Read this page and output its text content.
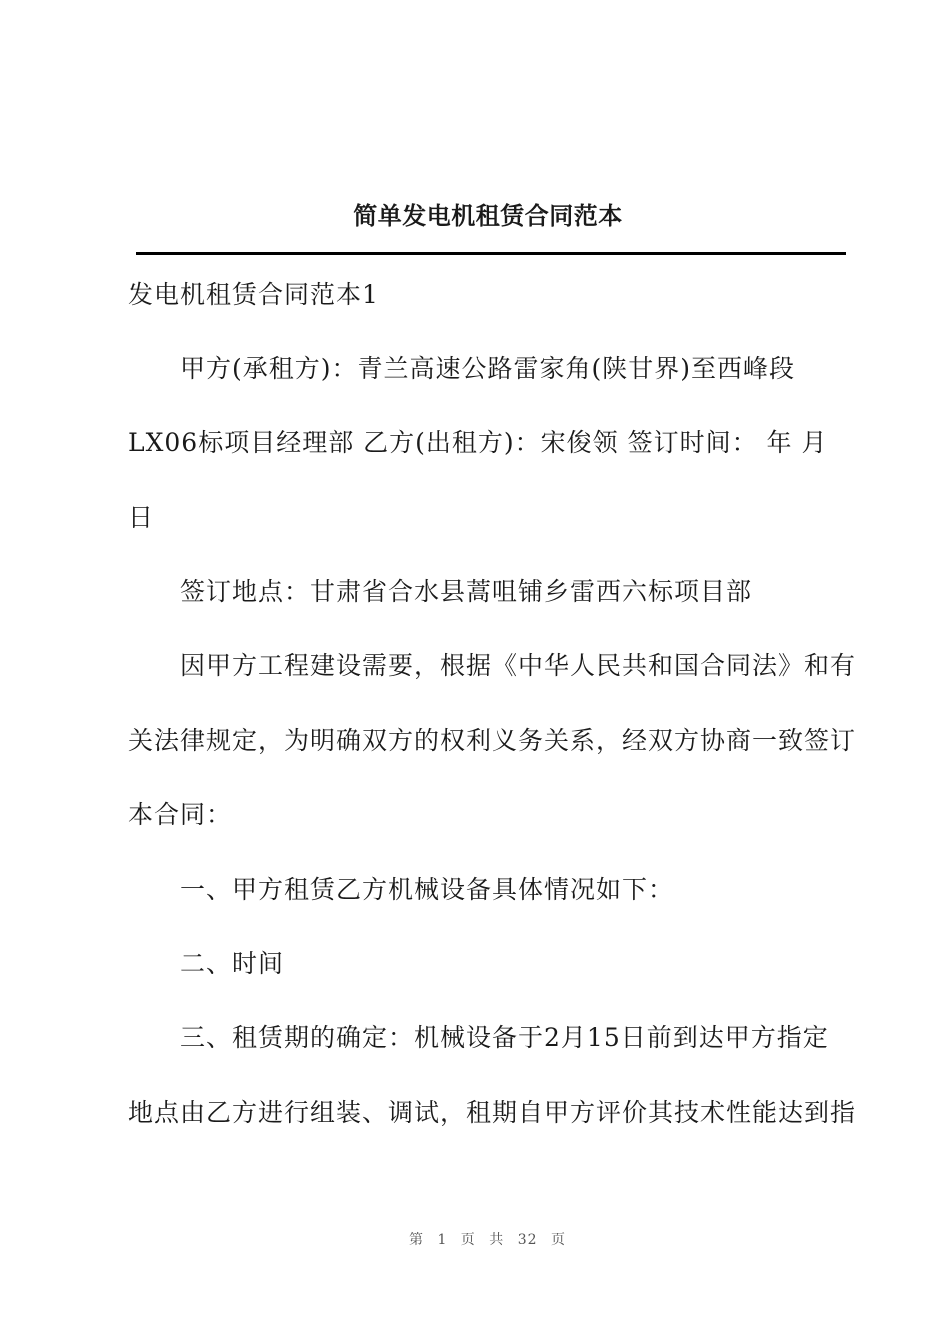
简单发电机租赁合同范本
发电机租赁合同范本1
甲方(承租方)：青兰高速公路雷家角(陕甘界)至西峰段
LX06标项目经理部 乙方(出租方)：宋俊领 签订时间： 年 月
日
签订地点：甘肃省合水县蒿咀铺乡雷西六标项目部
因甲方工程建设需要，根据《中华人民共和国合同法》和有
关法律规定，为明确双方的权利义务关系，经双方协商一致签订
本合同：
一、甲方租赁乙方机械设备具体情况如下：
二、时间
三、租赁期的确定：机械设备于2月15日前到达甲方指定
地点由乙方进行组装、调试，租期自甲方评价其技术性能达到指
第 1 页 共 32 页
